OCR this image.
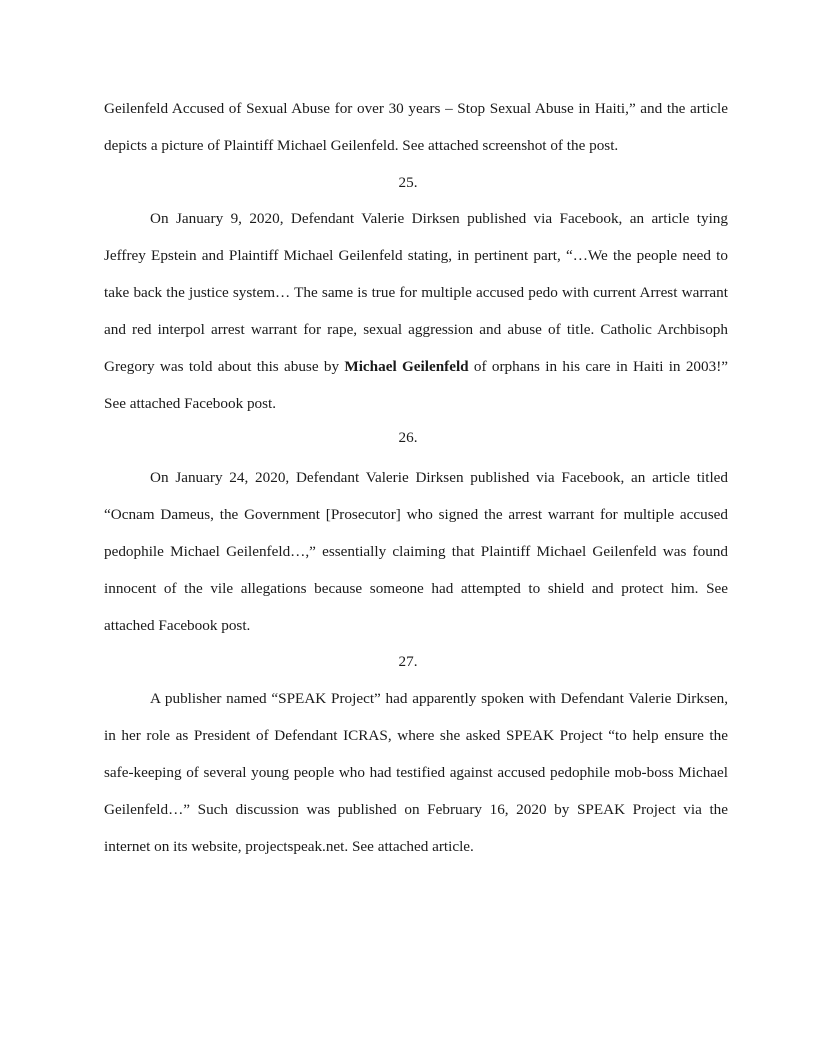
Geilenfeld Accused of Sexual Abuse for over 30 years – Stop Sexual Abuse in Haiti,” and the article depicts a picture of Plaintiff Michael Geilenfeld. See attached screenshot of the post.

25.

On January 9, 2020, Defendant Valerie Dirksen published via Facebook, an article tying Jeffrey Epstein and Plaintiff Michael Geilenfeld stating, in pertinent part, “…We the people need to take back the justice system… The same is true for multiple accused pedo with current Arrest warrant and red interpol arrest warrant for rape, sexual aggression and abuse of title. Catholic Archbisoph Gregory was told about this abuse by Michael Geilenfeld of orphans in his care in Haiti in 2003!” See attached Facebook post.

26.

On January 24, 2020, Defendant Valerie Dirksen published via Facebook, an article titled “Ocnam Dameus, the Government [Prosecutor] who signed the arrest warrant for multiple accused pedophile Michael Geilenfeld…,” essentially claiming that Plaintiff Michael Geilenfeld was found innocent of the vile allegations because someone had attempted to shield and protect him. See attached Facebook post.

27.

A publisher named “SPEAK Project” had apparently spoken with Defendant Valerie Dirksen, in her role as President of Defendant ICRAS, where she asked SPEAK Project “to help ensure the safe-keeping of several young people who had testified against accused pedophile mob-boss Michael Geilenfeld…” Such discussion was published on February 16, 2020 by SPEAK Project via the internet on its website, projectspeak.net. See attached article.
